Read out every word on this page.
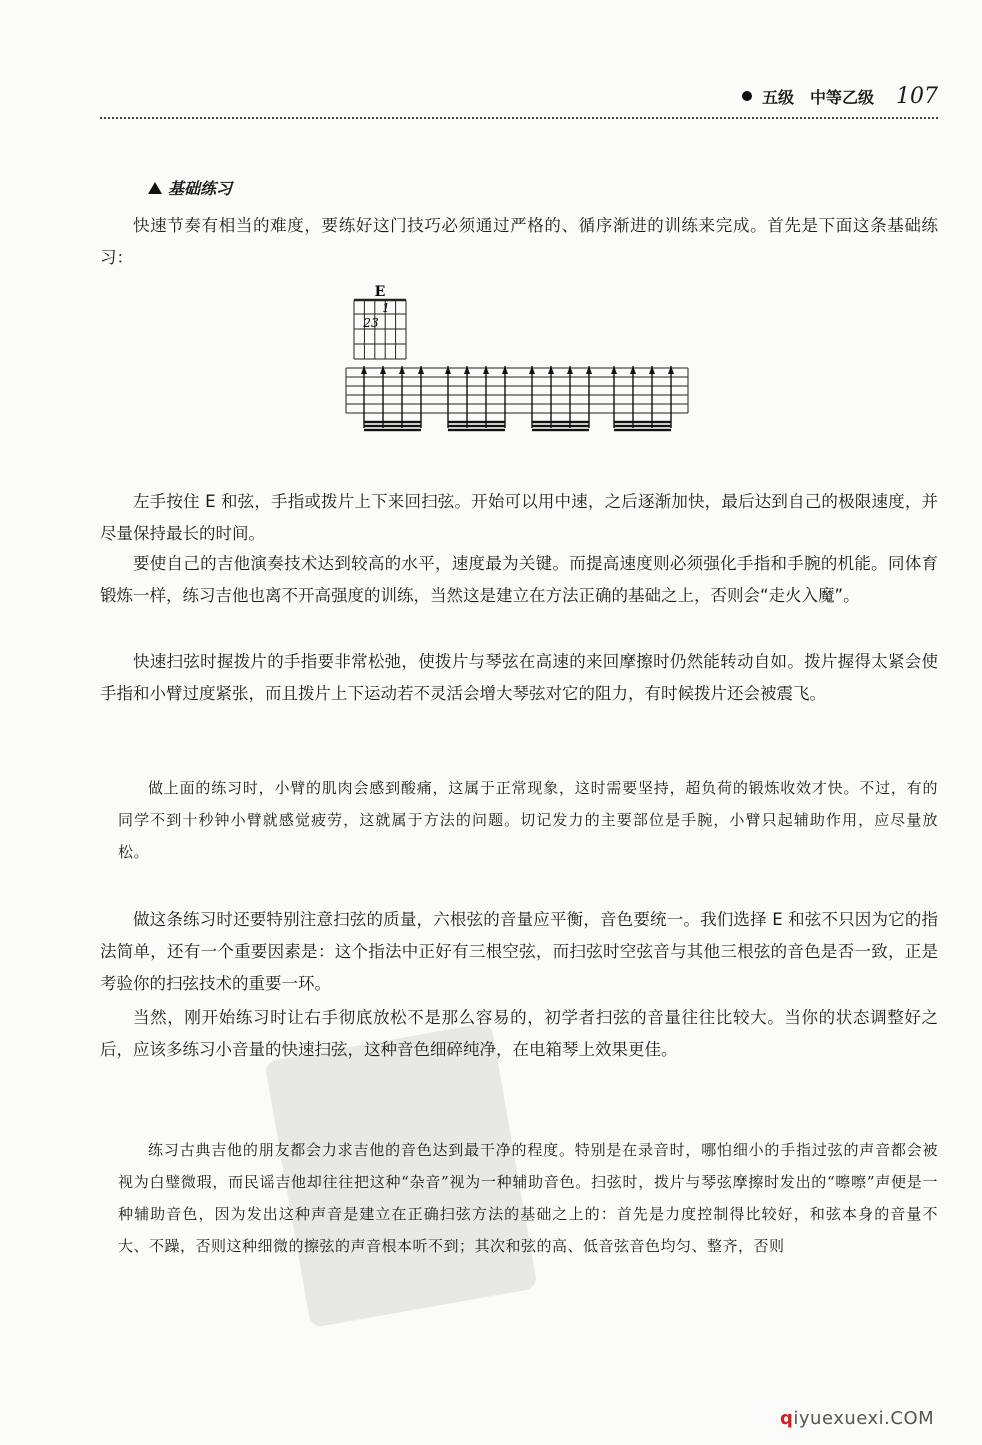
五级 中等乙级 107
基础练习

快速节奏有相当的难度，要练好这门技巧必须通过严格的、循序渐进的训练来完成。首先是下面这条基础练习：

E
1
23

左手按住 E 和弦，手指或拨片上下来回扫弦。开始可以用中速，之后逐渐加快，最后达到自己的极限速度，并尽量保持最长的时间。

要使自己的吉他演奏技术达到较高的水平，速度最为关键。而提高速度则必须强化手指和手腕的机能。同体育锻炼一样，练习吉他也离不开高强度的训练，当然这是建立在方法正确的基础之上，否则会“走火入魔”。

快速扫弦时握拨片的手指要非常松弛，使拨片与琴弦在高速的来回摩擦时仍然能转动自如。拨片握得太紧会使手指和小臂过度紧张，而且拨片上下运动若不灵活会增大琴弦对它的阻力，有时候拨片还会被震飞。

做上面的练习时，小臂的肌肉会感到酸痛，这属于正常现象，这时需要坚持，超负荷的锻炼收效才快。不过，有的同学不到十秒钟小臂就感觉疲劳，这就属于方法的问题。切记发力的主要部位是手腕，小臂只起辅助作用，应尽量放松。

做这条练习时还要特别注意扫弦的质量，六根弦的音量应平衡，音色要统一。我们选择 E 和弦不只因为它的指法简单，还有一个重要因素是：这个指法中正好有三根空弦，而扫弦时空弦音与其他三根弦的音色是否一致，正是考验你的扫弦技术的重要一环。

当然，刚开始练习时让右手彻底放松不是那么容易的，初学者扫弦的音量往往比较大。当你的状态调整好之后，应该多练习小音量的快速扫弦，这种音色细碎纯净，在电箱琴上效果更佳。

练习古典吉他的朋友都会力求吉他的音色达到最干净的程度。特别是在录音时，哪怕细小的手指过弦的声音都会被视为白璧微瑕，而民谣吉他却往往把这种“杂音”视为一种辅助音色。扫弦时，拨片与琴弦摩擦时发出的“嚓嚓”声便是一种辅助音色，因为发出这种声音是建立在正确扫弦方法的基础之上的：首先是力度控制得比较好，和弦本身的音量不大、不躁，否则这种细微的擦弦的声音根本听不到；其次和弦的高、低音弦音色均匀、整齐，否则

qiyuexuexi.COM
